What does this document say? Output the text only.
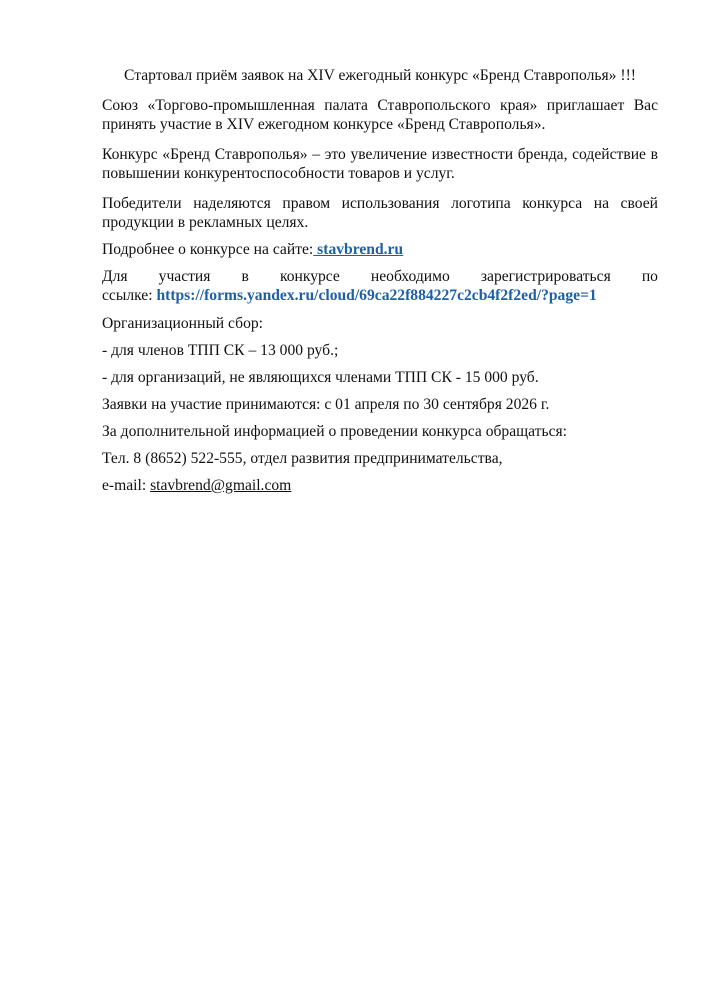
Стартовал приём заявок на XIV ежегодный конкурс «Бренд Ставрополья» !!!

Союз «Торгово-промышленная палата Ставропольского края» приглашает Вас принять участие в XIV ежегодном конкурсе «Бренд Ставрополья».

Конкурс «Бренд Ставрополья» – это увеличение известности бренда, содействие в повышении конкурентоспособности товаров и услуг.

Победители наделяются правом использования логотипа конкурса на своей продукции в рекламных целях.

Подробнее о конкурсе на сайте: stavbrend.ru

Для участия в конкурсе необходимо зарегистрироваться по
ссылке: https://forms.yandex.ru/cloud/69ca22f884227c2cb4f2f2ed/?page=1

Организационный сбор:

- для членов ТПП СК – 13 000 руб.;

- для организаций, не являющихся членами ТПП СК - 15 000 руб.

Заявки на участие принимаются: с 01 апреля по 30 сентября 2026 г.

За дополнительной информацией о проведении конкурса обращаться:

Тел. 8 (8652) 522-555, отдел развития предпринимательства,

e-mail: stavbrend@gmail.com
